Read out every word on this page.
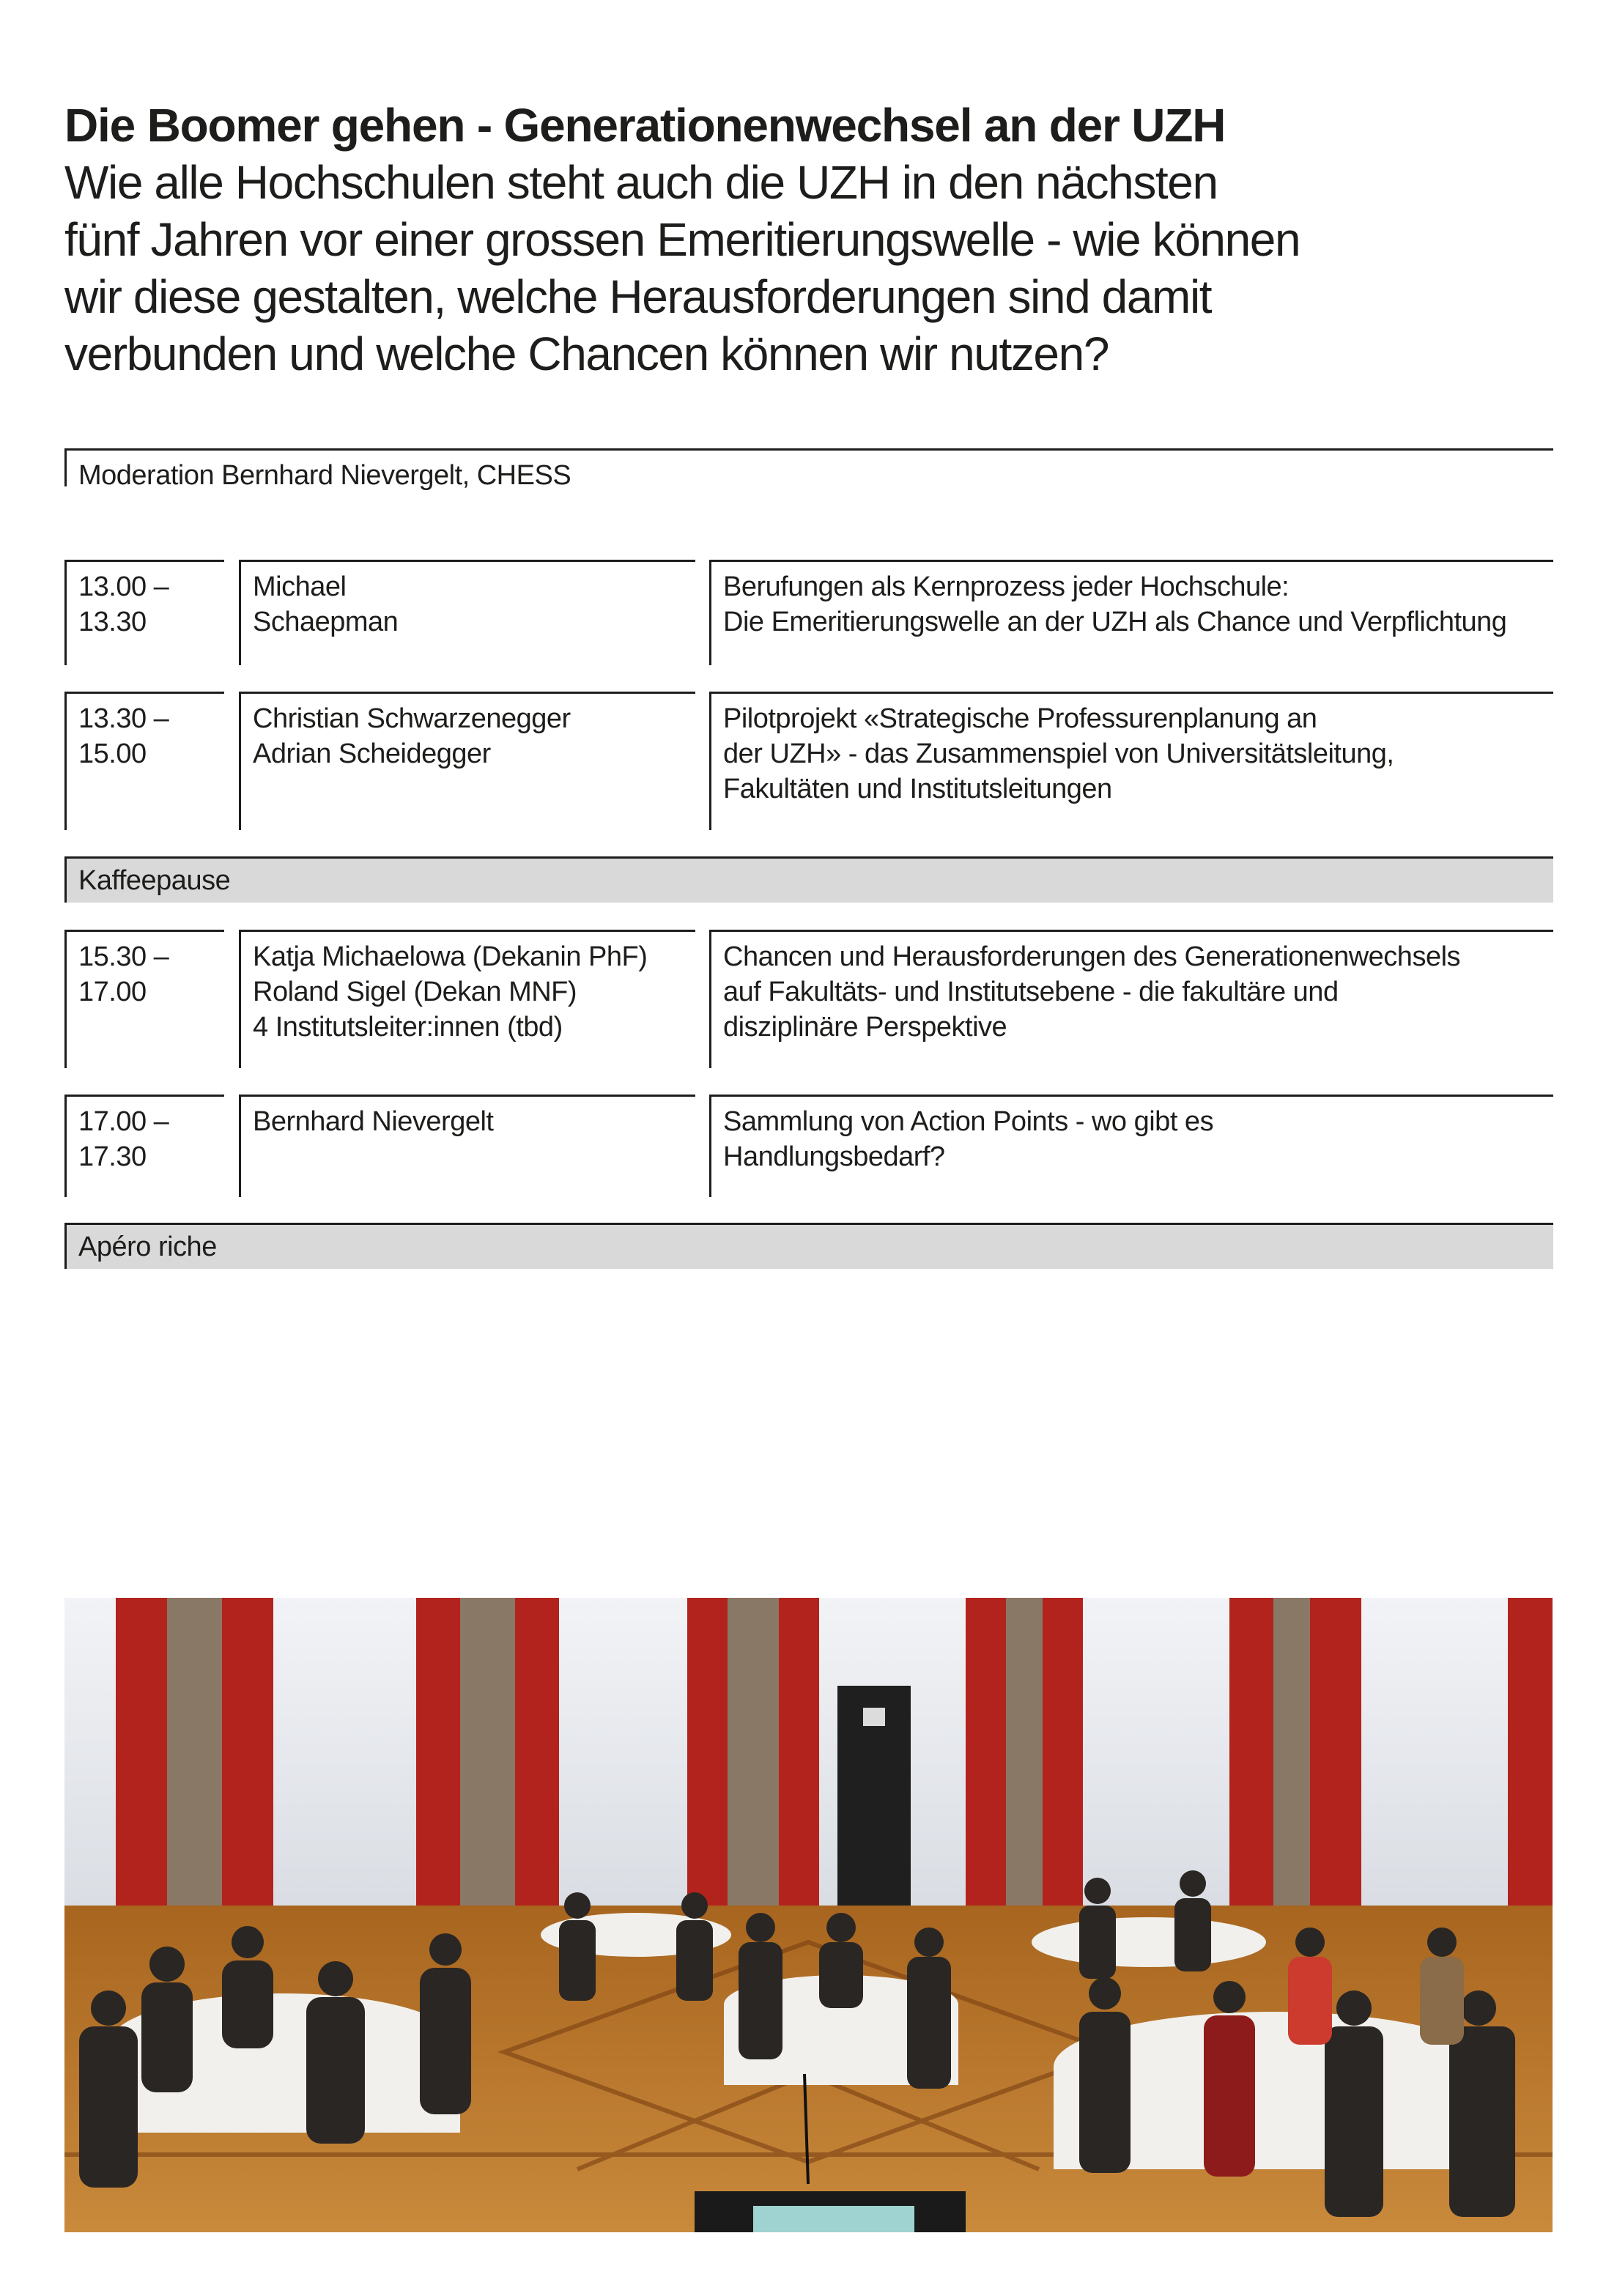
Die Boomer gehen - Generationenwechsel an der UZH

Wie alle Hochschulen steht auch die UZH in den nächsten
fünf Jahren vor einer grossen Emeritierungswelle - wie können
wir diese gestalten, welche Herausforderungen sind damit
verbunden und welche Chancen können wir nutzen?

Moderation Bernhard Nievergelt, CHESS
13.00 –
13.30
Michael
Schaepman
Berufungen als Kernprozess jeder Hochschule:
Die Emeritierungswelle an der UZH als Chance und Verpflichtung
13.30 –
15.00
Christian Schwarzenegger
Adrian Scheidegger
Pilotprojekt «Strategische Professurenplanung an
der UZH» - das Zusammenspiel von Universitätsleitung,
Fakultäten und Institutsleitungen
Kaffeepause
15.30 –
17.00
Katja Michaelowa (Dekanin PhF)
Roland Sigel (Dekan MNF)
4 Institutsleiter:innen (tbd)
Chancen und Herausforderungen des Generationenwechsels
auf Fakultäts- und Institutsebene - die fakultäre und
disziplinäre Perspektive
17.00 –
17.30
Bernhard Nievergelt	Sammlung von Action Points - wo gibt es
Handlungsbedarf?
Apéro riche
